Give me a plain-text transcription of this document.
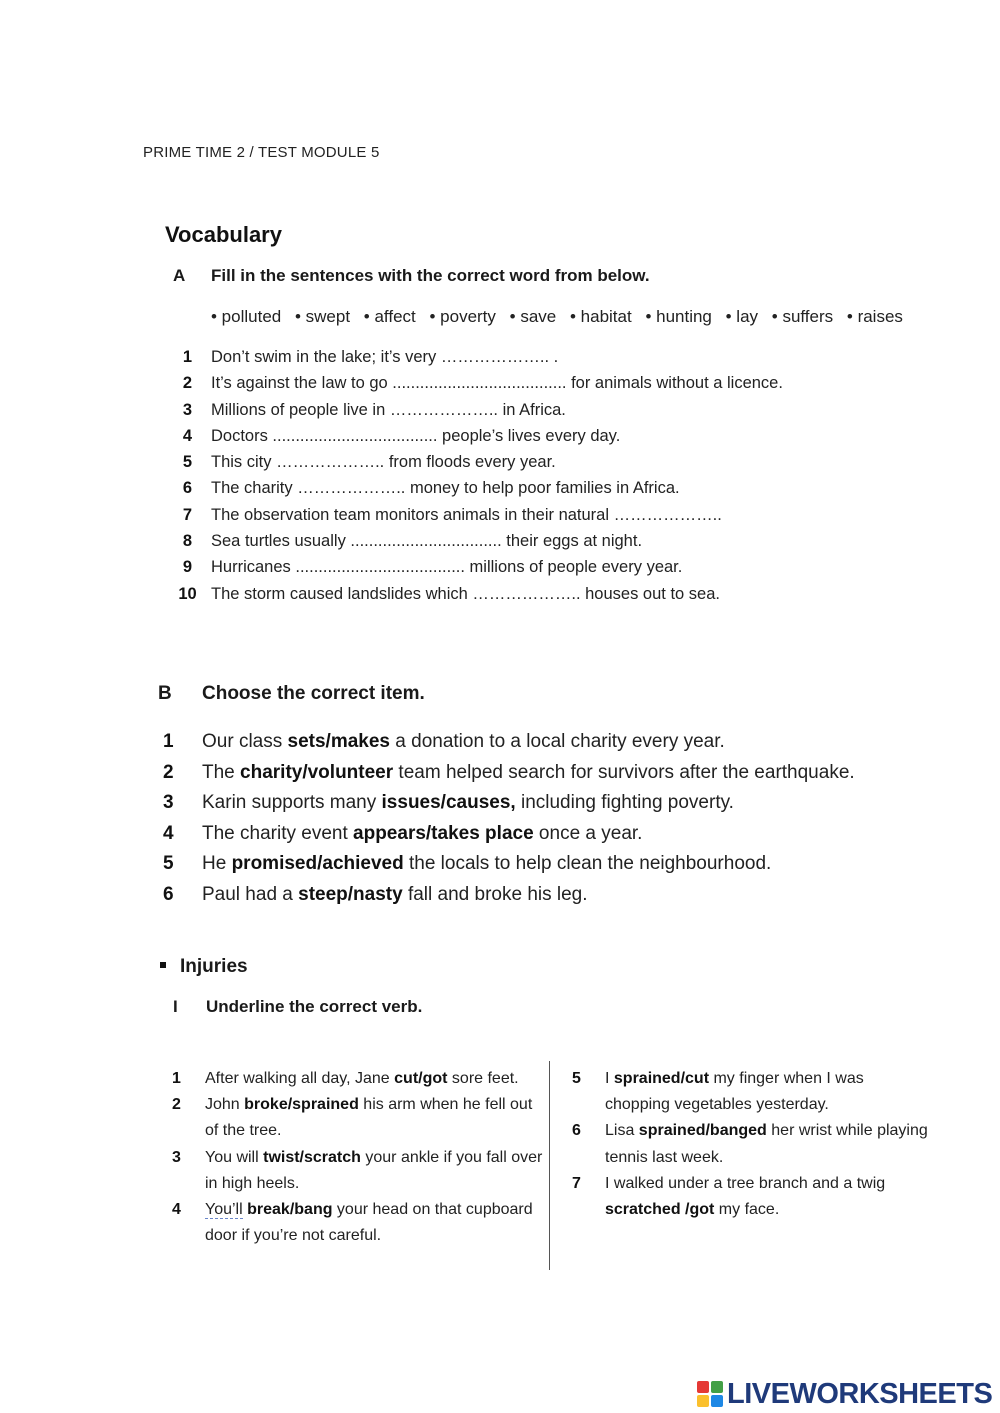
PRIME TIME 2 / TEST MODULE 5
Vocabulary
A Fill in the sentences with the correct word from below.
• polluted • swept • affect • poverty • save • habitat • hunting • lay • suffers • raises
1 Don’t swim in the lake; it’s very ……………….. .
2 It’s against the law to go ...................................... for animals without a licence.
3 Millions of people live in ……………….. in Africa.
4 Doctors .................................... people’s lives every day.
5 This city ……………….. from floods every year.
6 The charity ……………….. money to help poor families in Africa.
7 The observation team monitors animals in their natural ………………..
8 Sea turtles usually ................................. their eggs at night.
9 Hurricanes ..................................... millions of people every year.
10 The storm caused landslides which ……………….. houses out to sea.
B Choose the correct item.
1 Our class sets/makes a donation to a local charity every year.
2 The charity/volunteer team helped search for survivors after the earthquake.
3 Karin supports many issues/causes, including fighting poverty.
4 The charity event appears/takes place once a year.
5 He promised/achieved the locals to help clean the neighbourhood.
6 Paul had a steep/nasty fall and broke his leg.
Injuries
I Underline the correct verb.
1	After walking all day, Jane cut/got sore feet.
2	John broke/sprained his arm when he fell out of the tree.
3	You will twist/scratch your ankle if you fall over in high heels.
4	You’ll break/bang your head on that cupboard door if you’re not careful.
5	I sprained/cut my finger when I was chopping vegetables yesterday.
6	Lisa sprained/banged her wrist while playing tennis last week.
7	I walked under a tree branch and a twig scratched /got my face.
LIVEWORKSHEETS
